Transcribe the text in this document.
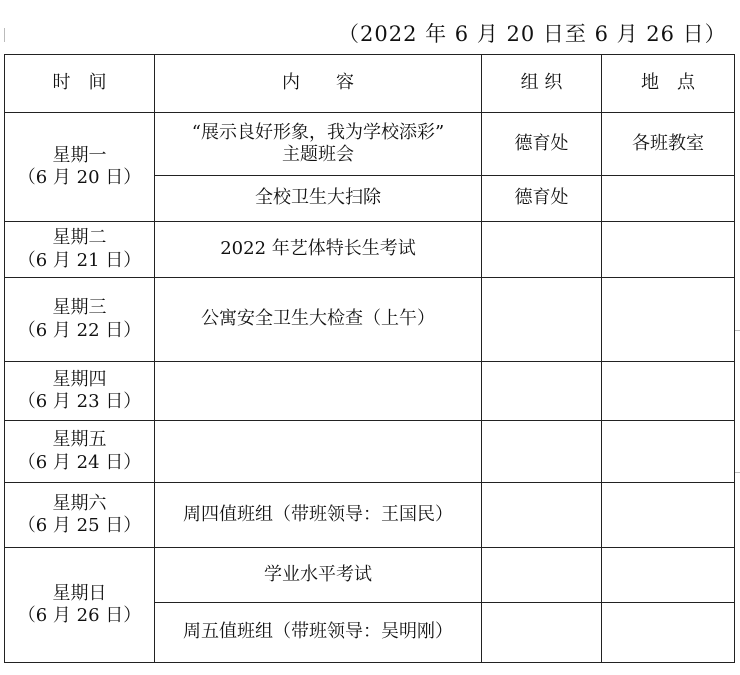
（2022 年 6 月 20 日至 6 月 26 日）
时　间	内　　容	组 织	地　点

星期一
（6 月 20 日）	“展示良好形象，我为学校添彩”
主题班会	德育处	各班教室
	全校卫生大扫除	德育处	

星期二
（6 月 21 日）	2022 年艺体特长生考试		

星期三
（6 月 22 日）	公寓安全卫生大检查（上午）		

星期四
（6 月 23 日）			

星期五
（6 月 24 日）			

星期六
（6 月 25 日）	周四值班组（带班领导：王国民）		

星期日
（6 月 26 日）	学业水平考试		
	周五值班组（带班领导：吴明刚）		
